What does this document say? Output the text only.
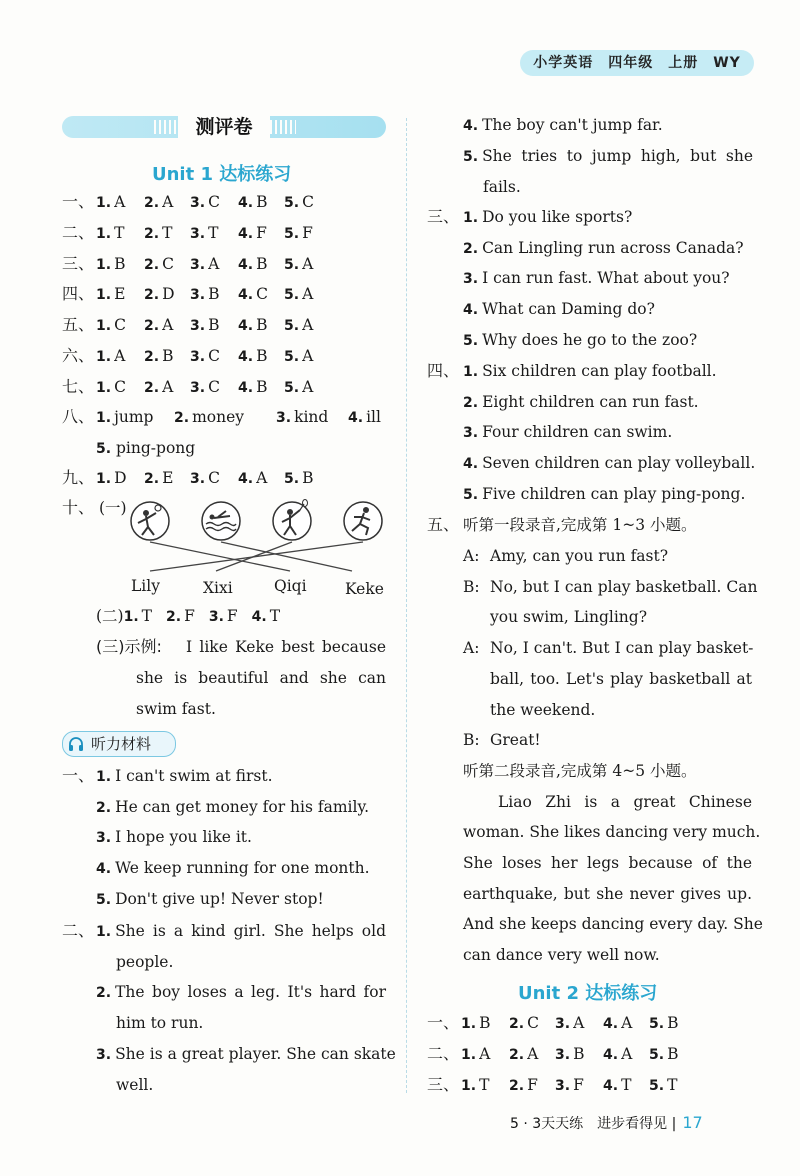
小学英语　四年级　上册　WY
测评卷
Unit 1 达标练习
一、 1. A 2. A 3. C 4. B 5. C
二、 1. T 2. T 3. T 4. F 5. F
三、 1. B 2. C 3. A 4. B 5. A
四、 1. E 2. D 3. B 4. C 5. A
五、 1. C 2. A 3. B 4. B 5. A
六、 1. A 2. B 3. C 4. B 5. A
七、 1. C 2. A 3. C 4. B 5. A
八、 1. jump 2. money 3. kind 4. ill
5. ping-pong
九、 1. D 2. E 3. C 4. A 5. B
十、 (一)
Lily	Xixi	Qiqi Keke
(二)1. T 2. F 3. F 4. T
(三)示例: I like Keke best because
she is beautiful and she can
swim fast.
听力材料
一、 1. I can't swim at first.
2. He can get money for his family.
3. I hope you like it.
4. We keep running for one month.
5. Don't give up! Never stop!
二、 1. She is a kind girl. She helps old
people.
2. The boy loses a leg. It's hard for
him to run.
3. She is a great player. She can skate
well.
4. The boy can't jump far.
5. She tries to jump high, but she
fails.
三、 1. Do you like sports?
2. Can Lingling run across Canada?
3. I can run fast. What about you?
4. What can Daming do?
5. Why does he go to the zoo?
四、 1. Six children can play football.
2. Eight children can run fast.
3. Four children can swim.
4. Seven children can play volleyball.
5. Five children can play ping-pong.
五、 听第一段录音,完成第 1~3 小题。
A: Amy, can you run fast?
B: No, but I can play basketball. Can
you swim, Lingling?
A: No, I can't. But I can play basket-
ball, too. Let's play basketball at
the weekend.
B: Great!
听第二段录音,完成第 4~5 小题。
Liao Zhi is a great Chinese
woman. She likes dancing very much.
She loses her legs because of the
earthquake, but she never gives up.
And she keeps dancing every day. She
can dance very well now.
Unit 2 达标练习
一、 1. B 2. C 3. A 4. A 5. B
二、 1. A 2. A 3. B 4. A 5. B
三、 1. T 2. F 3. F 4. T 5. T
5 · 3天天练　进步看得见 | 17
